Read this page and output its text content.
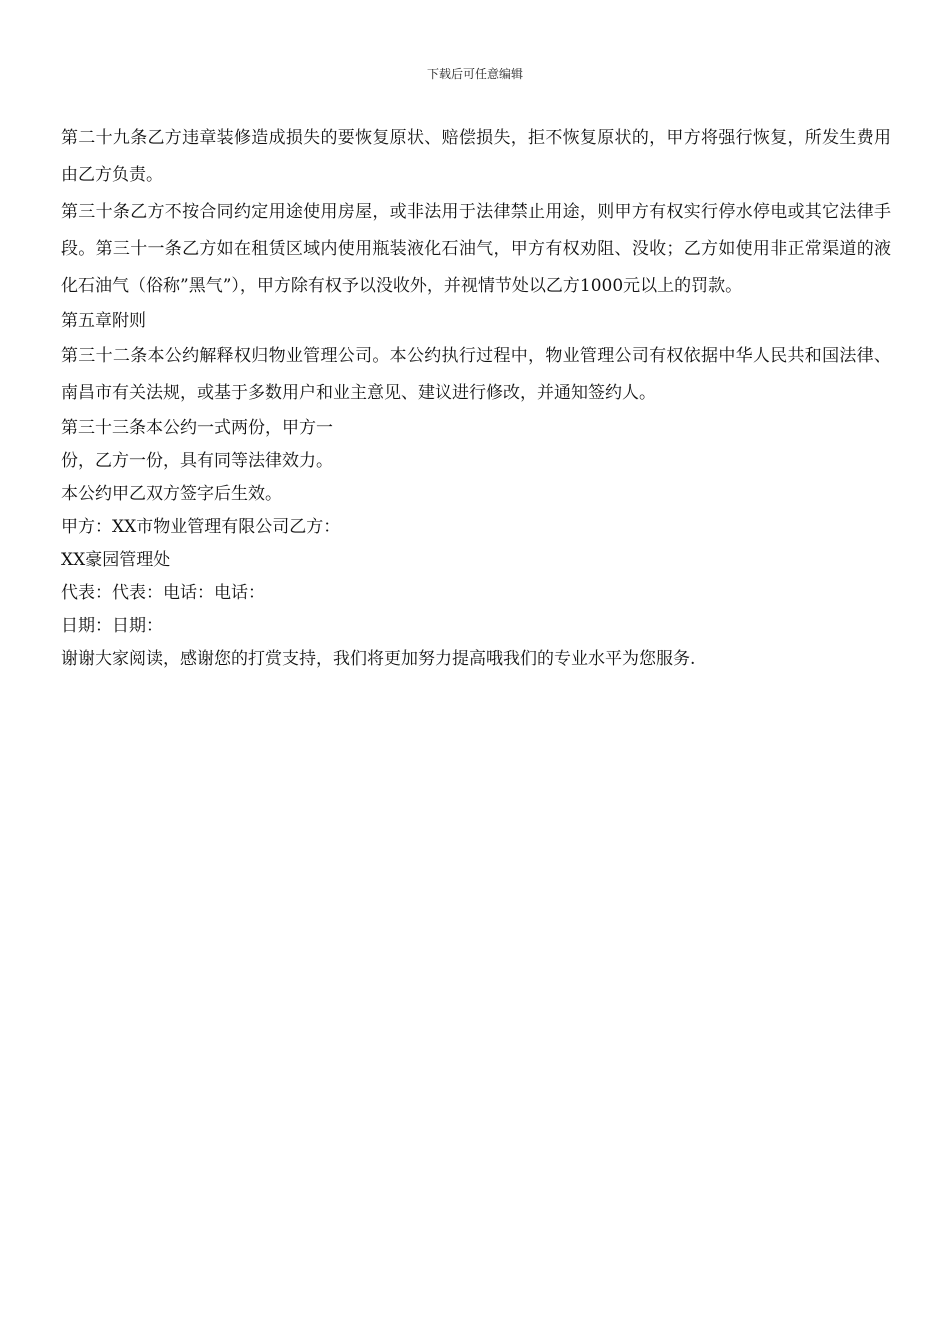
下载后可任意编辑

第二十九条乙方违章装修造成损失的要恢复原状、赔偿损失，拒不恢复原状的，甲方将强行恢复，所发生费用由乙方负责。

第三十条乙方不按合同约定用途使用房屋，或非法用于法律禁止用途，则甲方有权实行停水停电或其它法律手段。第三十一条乙方如在租赁区域内使用瓶装液化石油气，甲方有权劝阻、没收；乙方如使用非正常渠道的液化石油气（俗称”黑气”），甲方除有权予以没收外，并视情节处以乙方1000元以上的罚款。

第五章附则

第三十二条本公约解释权归物业管理公司。本公约执行过程中，物业管理公司有权依据中华人民共和国法律、南昌市有关法规，或基于多数用户和业主意见、建议进行修改，并通知签约人。

第三十三条本公约一式两份，甲方一

份，乙方一份，具有同等法律效力。

本公约甲乙双方签字后生效。

甲方：XX市物业管理有限公司乙方：

XX豪园管理处

代表：代表：电话：电话：

日期：日期：

谢谢大家阅读，感谢您的打赏支持，我们将更加努力提高哦我们的专业水平为您服务.
